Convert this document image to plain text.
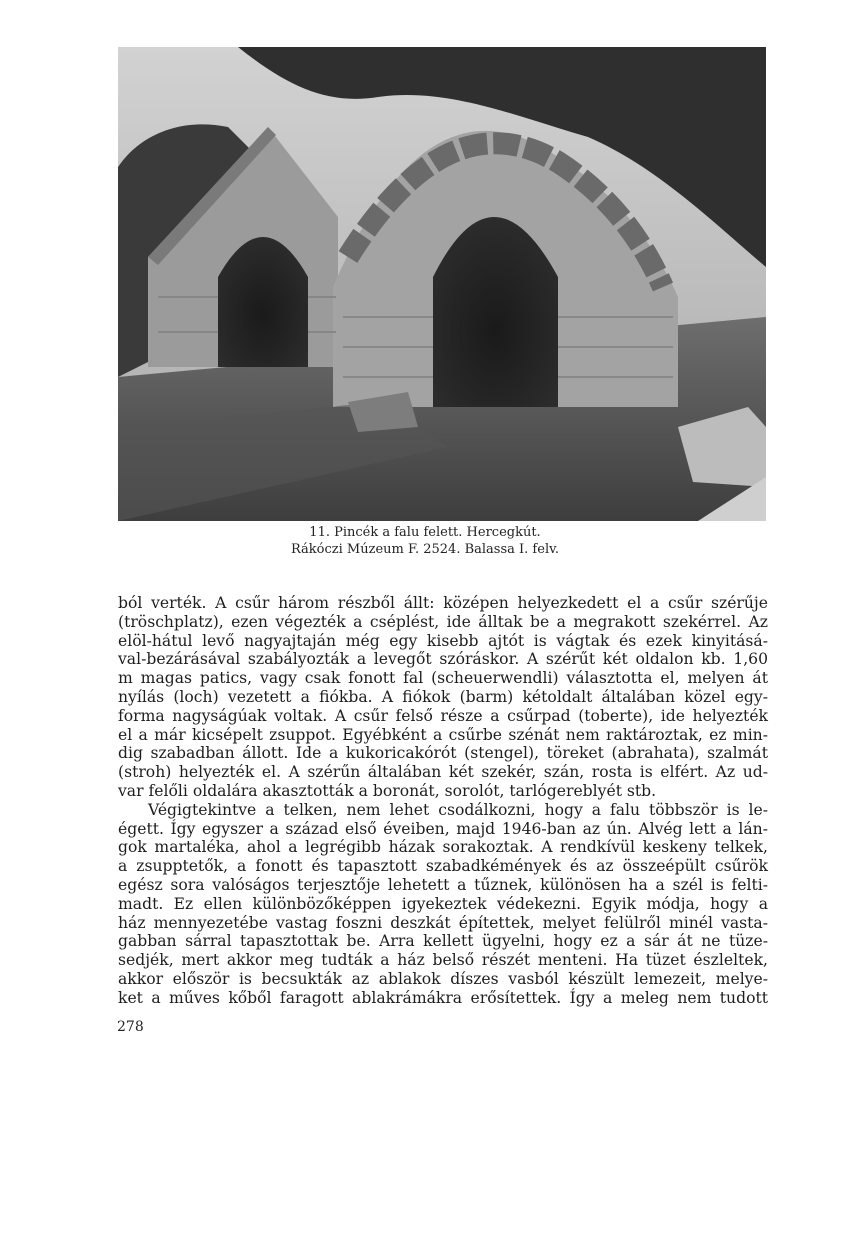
11. Pincék a falu felett. Hercegkút.
Rákóczi Múzeum F. 2524. Balassa I. felv.
ból verték. A csűr három részből állt: középen helyezkedett el a csűr szérűje
(tröschplatz), ezen végezték a cséplést, ide álltak be a megrakott szekérrel. Az
elöl-hátul levő nagyajtaján még egy kisebb ajtót is vágtak és ezek kinyitásá-
val-bezárásával szabályozták a levegőt szóráskor. A szérűt két oldalon kb. 1,60
m magas patics, vagy csak fonott fal (scheuerwendli) választotta el, melyen át
nyílás (loch) vezetett a fiókba. A fiókok (barm) kétoldalt általában közel egy-
forma nagyságúak voltak. A csűr felső része a csűrpad (toberte), ide helyezték
el a már kicsépelt zsuppot. Egyébként a csűrbe szénát nem raktároztak, ez min-
dig szabadban állott. Ide a kukoricakórót (stengel), töreket (abrahata), szalmát
(stroh) helyezték el. A szérűn általában két szekér, szán, rosta is elfért. Az ud-
var felőli oldalára akasztották a boronát, sorolót, tarlógereblyét stb.
Végigtekintve a telken, nem lehet csodálkozni, hogy a falu többször is le-
égett. Így egyszer a század első éveiben, majd 1946-ban az ún. Alvég lett a lán-
gok martaléka, ahol a legrégibb házak sorakoztak. A rendkívül keskeny telkek,
a zsupptetők, a fonott és tapasztott szabadkémények és az összeépült csűrök
egész sora valóságos terjesztője lehetett a tűznek, különösen ha a szél is felti-
madt. Ez ellen különbözőképpen igyekeztek védekezni. Egyik módja, hogy a
ház mennyezetébe vastag foszni deszkát építettek, melyet felülről minél vasta-
gabban sárral tapasztottak be. Arra kellett ügyelni, hogy ez a sár át ne tüze-
sedjék, mert akkor meg tudták a ház belső részét menteni. Ha tüzet észleltek,
akkor először is becsukták az ablakok díszes vasból készült lemezeit, melye-
ket a műves kőből faragott ablakrámákra erősítettek. Így a meleg nem tudott
278
